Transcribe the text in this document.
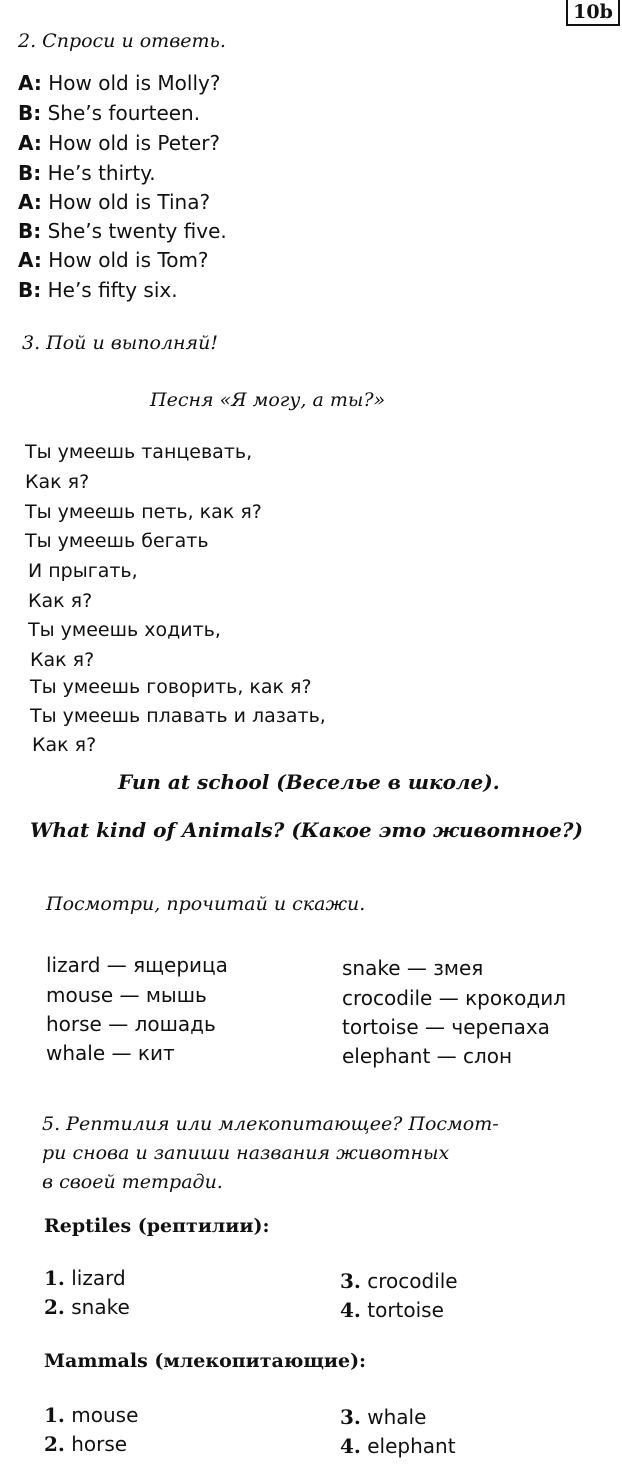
10b
2. Спроси и ответь.
A: How old is Molly?
B: She’s fourteen.
A: How old is Peter?
B: He’s thirty.
A: How old is Tina?
B: She’s twenty five.
A: How old is Tom?
B: He’s fifty six.
3. Пой и выполняй!
Песня «Я могу, а ты?»
Ты умеешь танцевать,
Как я?
Ты умеешь петь, как я?
Ты умеешь бегать
И прыгать,
Как я?
Ты умеешь ходить,
Как я?
Ты умеешь говорить, как я?
Ты умеешь плавать и лазать,
Как я?
Fun at school (Веселье в школе).
What kind of Animals? (Какое это животное?)
Посмотри, прочитай и скажи.
lizard — ящерица
mouse — мышь
horse — лошадь
whale — кит
snake — змея
crocodile — крокодил
tortoise — черепаха
elephant — слон
5. Рептилия или млекопитающее? Посмот-
ри снова и запиши названия животных
в своей тетради.
Reptiles (рептилии):
1. lizard
2. snake
3. crocodile
4. tortoise
Mammals (млекопитающие):
1. mouse
2. horse
3. whale
4. elephant
